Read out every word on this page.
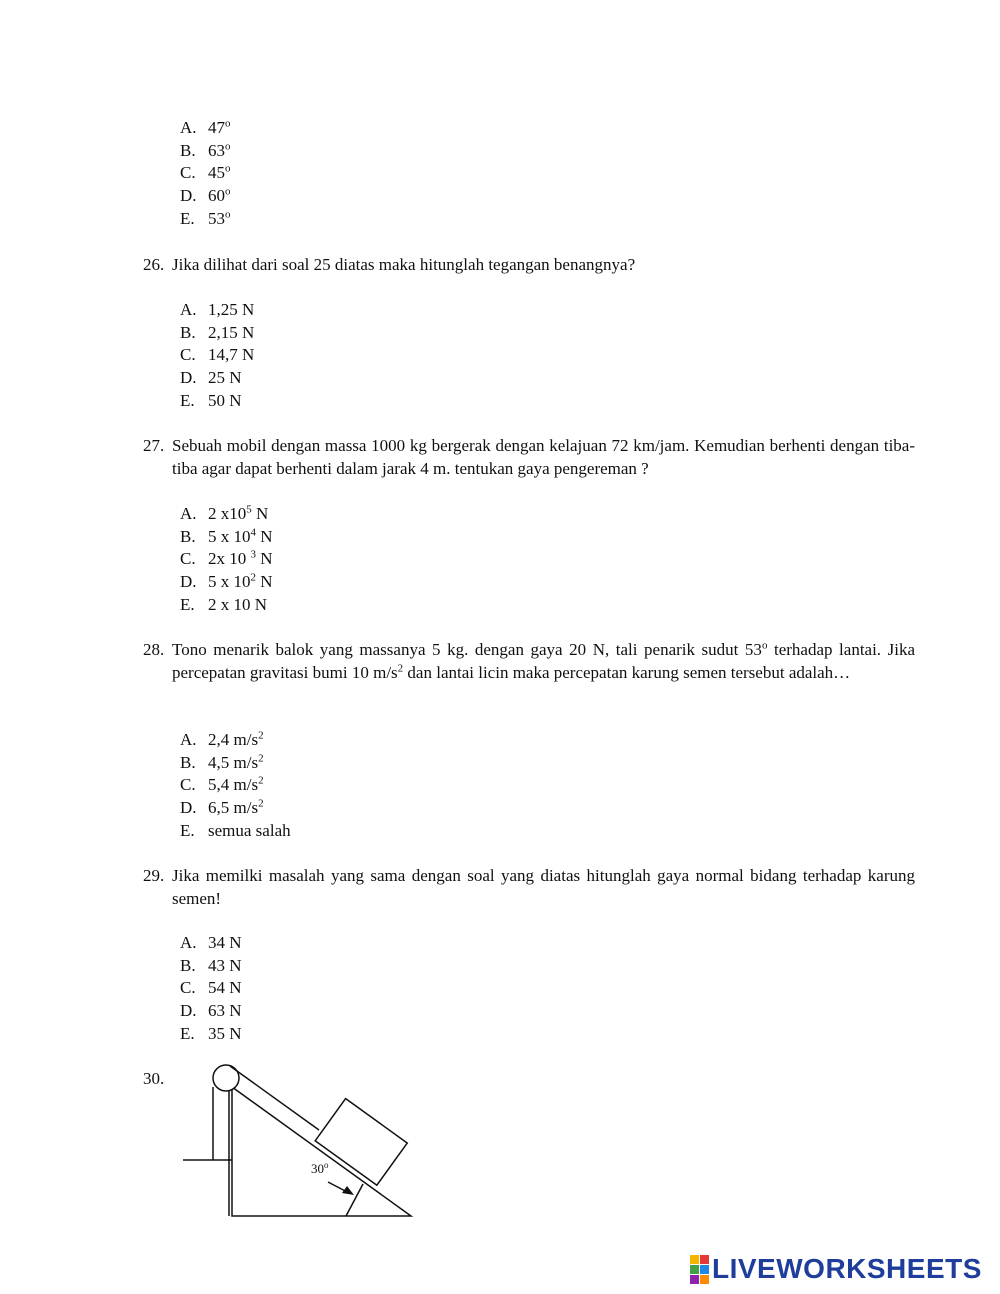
A. 47$^o$
B. 63$^o$
C. 45$^o$
D. 60$^o$
E. 53$^o$
26. Jika dilihat dari soal 25 diatas maka hitunglah tegangan benangnya?
A. 1,25 N
B. 2,15 N
C. 14,7 N
D. 25 N
E. 50 N
27. Sebuah mobil dengan massa 1000 kg bergerak dengan kelajuan 72 km/jam. Kemudian berhenti dengan tiba-tiba agar dapat berhenti dalam jarak 4 m. tentukan gaya pengereman ?
A. 2 $x10^5$ N
B. 5 x $10^4$ N
C. 2x 10 $^3$ N
D. 5 x $10^2$ N
E. 2 x 10 N
28. Tono menarik balok yang massanya 5 kg. dengan gaya 20 N, tali penarik sudut 53$^o$ terhadap lantai. Jika percepatan gravitasi bumi 10 $m/s^2$ dan lantai licin maka percepatan karung semen tersebut adalah…
A. 2,4 $m/s^2$
B. 4,5 $m/s^2$
C. 5,4 $m/s^2$
D. 6,5 $m/s^2$
E. semua salah
29. Jika memilki masalah yang sama dengan soal yang diatas hitunglah gaya normal bidang terhadap karung semen!
A. 34 N
B. 43 N
C. 54 N
D. 63 N
E. 35 N
30.
30$^o$
LIVEWORKSHEETS
